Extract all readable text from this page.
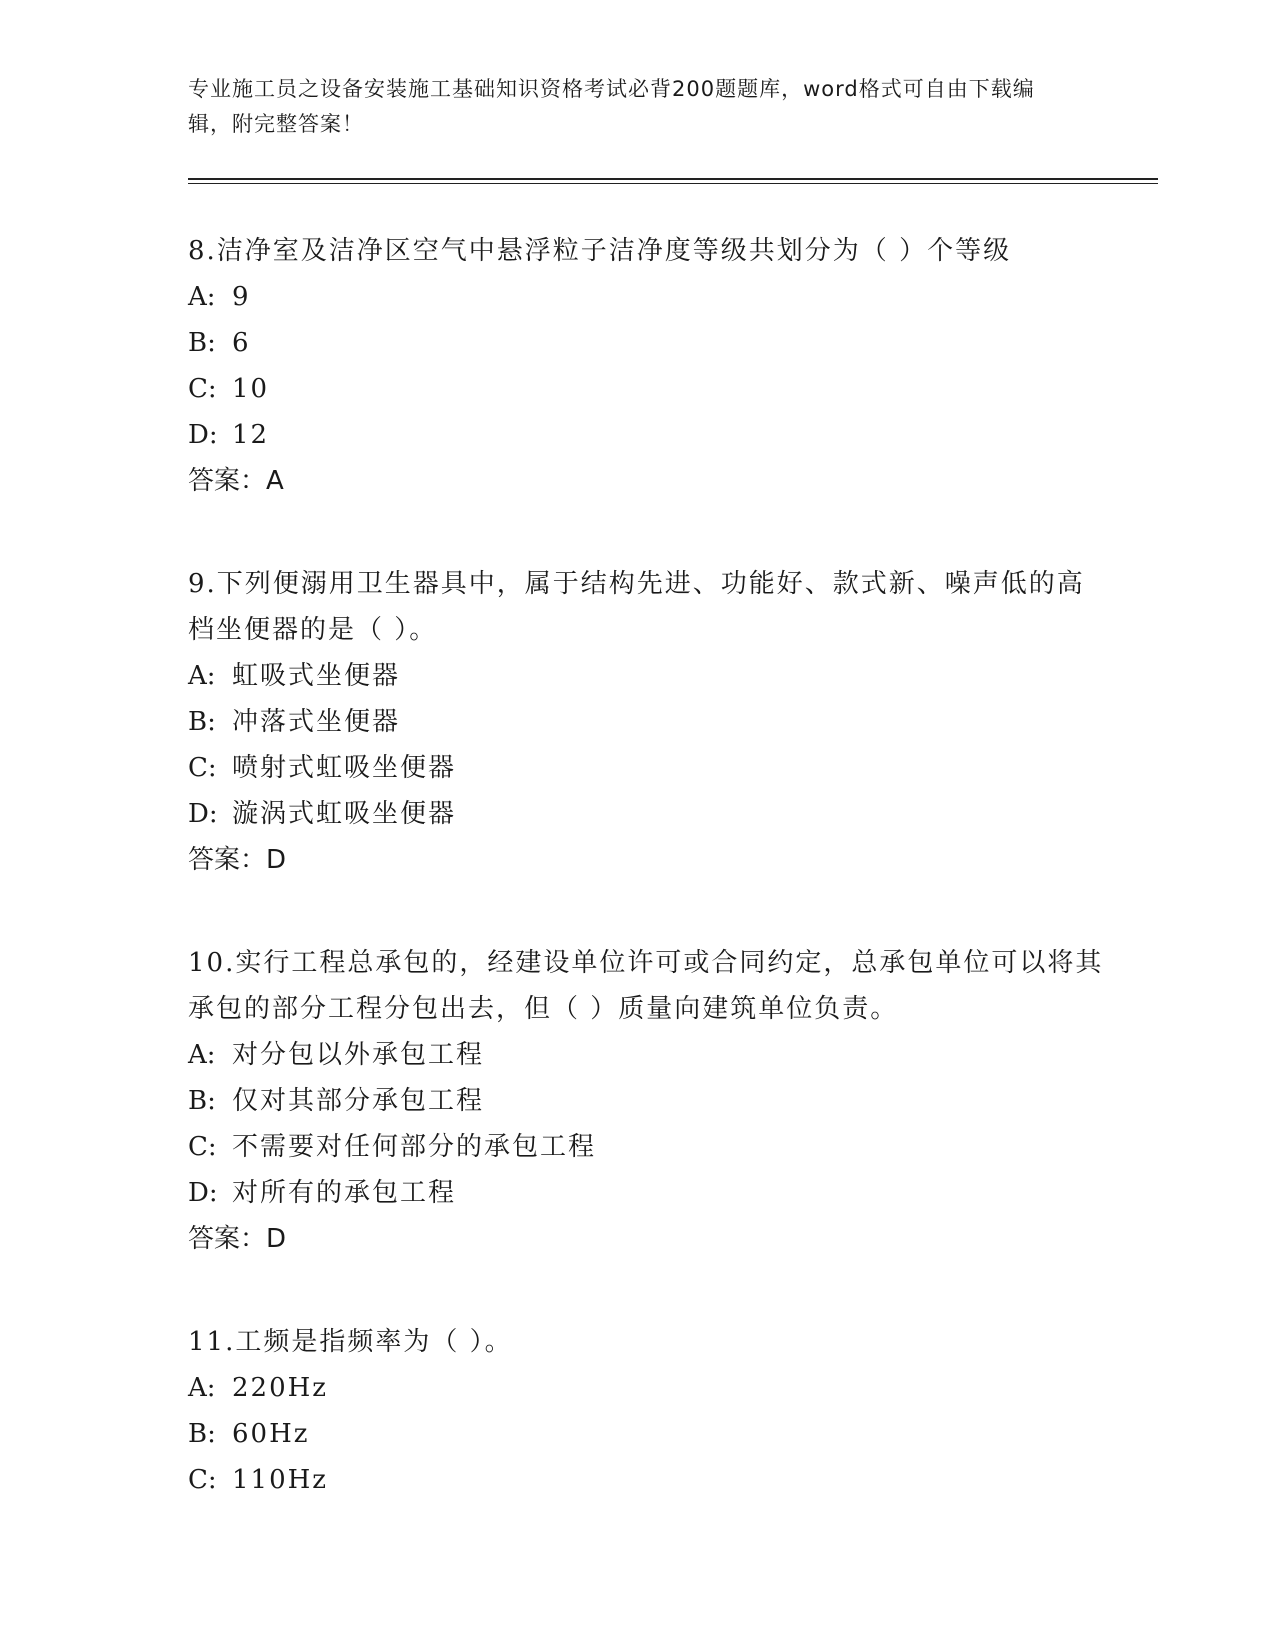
专业施工员之设备安装施工基础知识资格考试必背200题题库，word格式可自由下载编辑，附完整答案！
8.洁净室及洁净区空气中悬浮粒子洁净度等级共划分为（ ）个等级
A: 9
B: 6
C: 10
D: 12
答案：A
9.下列便溺用卫生器具中，属于结构先进、功能好、款式新、噪声低的高档坐便器的是（ ）。
A: 虹吸式坐便器
B: 冲落式坐便器
C: 喷射式虹吸坐便器
D: 漩涡式虹吸坐便器
答案：D
10.实行工程总承包的，经建设单位许可或合同约定，总承包单位可以将其承包的部分工程分包出去，但（ ）质量向建筑单位负责。
A: 对分包以外承包工程
B: 仅对其部分承包工程
C: 不需要对任何部分的承包工程
D: 对所有的承包工程
答案：D
11.工频是指频率为（ ）。
A: 220Hz
B: 60Hz
C: 110Hz
